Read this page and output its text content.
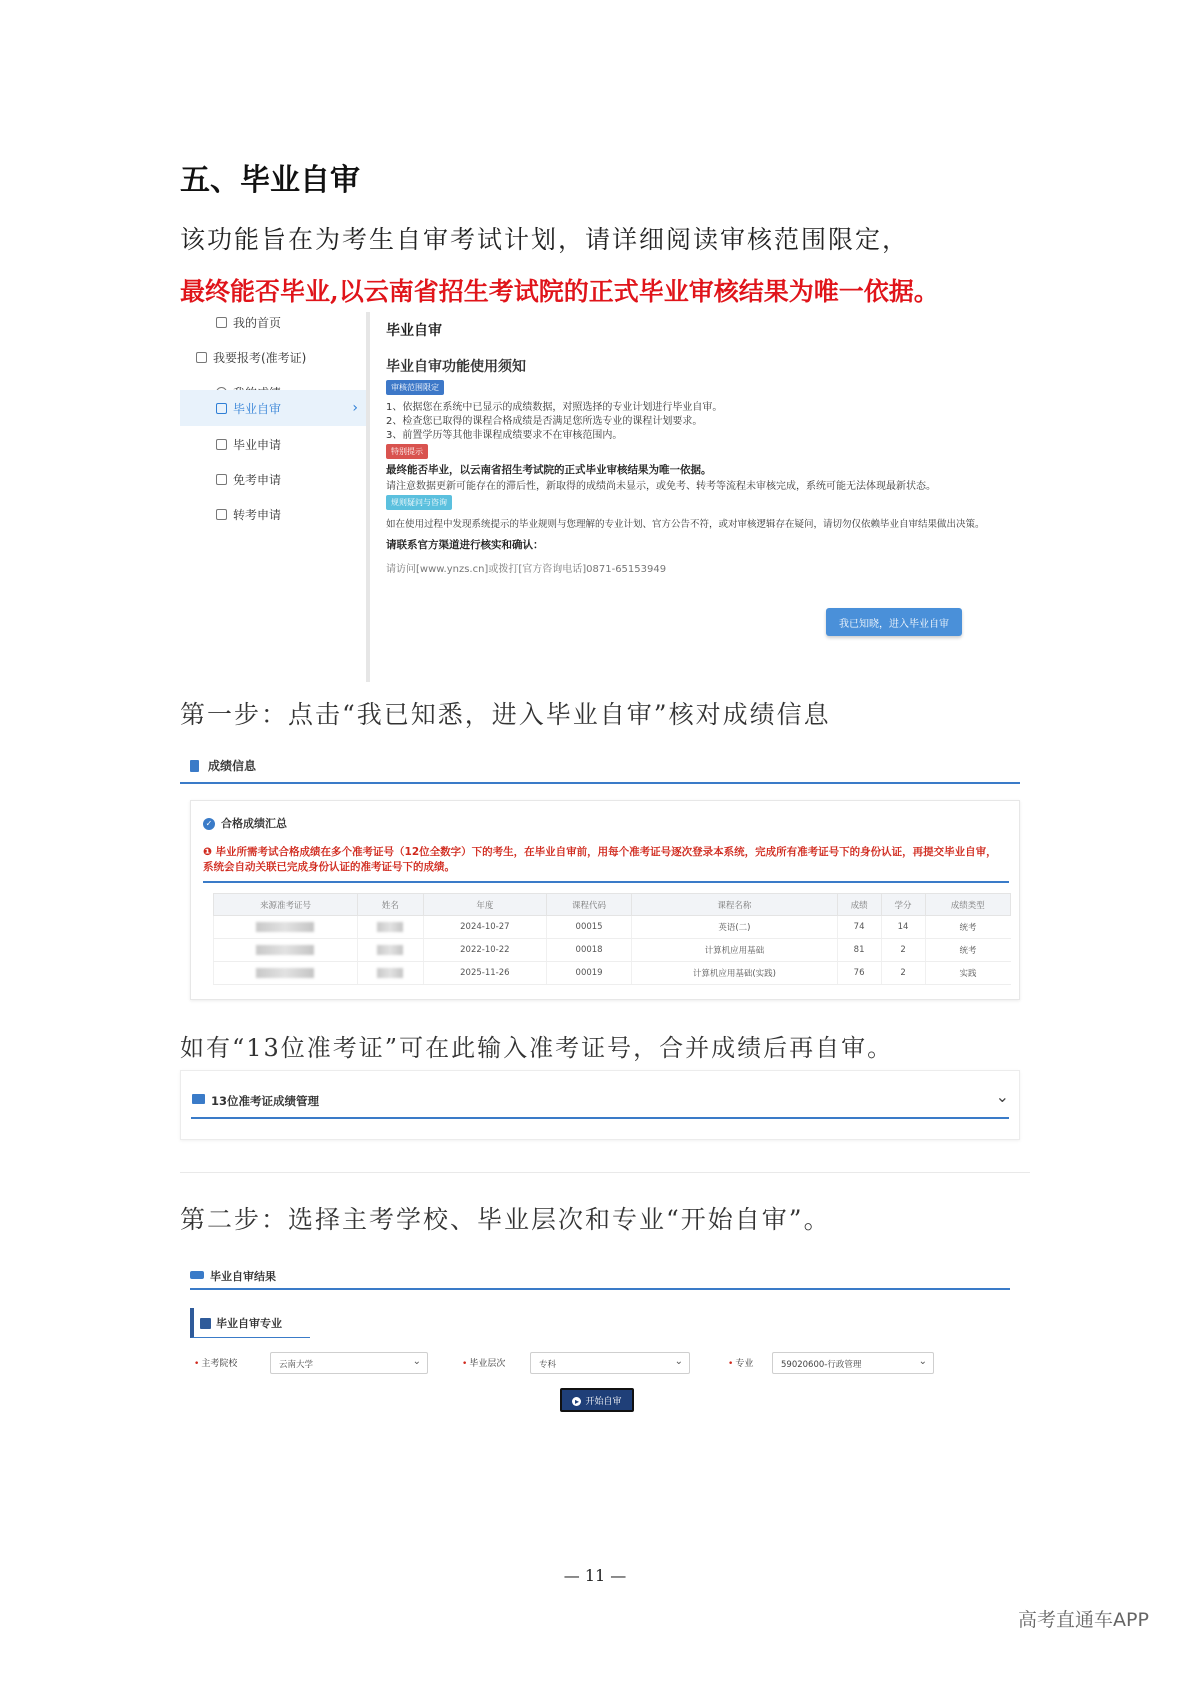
五、毕业自审
该功能旨在为考生自审考试计划，请详细阅读审核范围限定，
最终能否毕业,以云南省招生考试院的正式毕业审核结果为唯一依据。
我的首页
我要报考(准考证)
毕业自审	›
毕业申请
免考申请
转考申请
毕业自审
毕业自审功能使用须知
审核范围限定
1、依据您在系统中已显示的成绩数据，对照选择的专业计划进行毕业自审。
2、检查您已取得的课程合格成绩是否满足您所选专业的课程计划要求。
3、前置学历等其他非课程成绩要求不在审核范围内。
特别提示
最终能否毕业，以云南省招生考试院的正式毕业审核结果为唯一依据。
请注意数据更新可能存在的滞后性，新取得的成绩尚未显示，或免考、转考等流程未审核完成，系统可能无法体现最新状态。
规则疑问与咨询
如在使用过程中发现系统提示的毕业规则与您理解的专业计划、官方公告不符，或对审核逻辑存在疑问，请切勿仅依赖毕业自审结果做出决策。
请联系官方渠道进行核实和确认：
请访问[www.ynzs.cn]或拨打[官方咨询电话]0871-65153949
我已知晓，进入毕业自审
第一步：点击“我已知悉，进入毕业自审”核对成绩信息
成绩信息
✓ 合格成绩汇总
❶ 毕业所需考试合格成绩在多个准考证号（12位全数字）下的考生，在毕业自审前，用每个准考证号逐次登录本系统，完成所有准考证号下的身份认证，再提交毕业自审，系统会自动关联已完成身份认证的准考证号下的成绩。
来源准考证号	姓名	年度	课程代码	课程名称	成绩	学分	成绩类型
		2024-10-27	00015	英语(二)	74	14	统考
		2022-10-22	00018	计算机应用基础	81	2	统考
		2025-11-26	00019	计算机应用基础(实践)	76	2	实践
如有“13位准考证”可在此输入准考证号，合并成绩后再自审。
13位准考证成绩管理	⌄
第二步：选择主考学校、毕业层次和专业“开始自审”。
毕业自审结果
毕业自审专业
• 主考院校	云南大学	⌄	• 毕业层次	专科	⌄	• 专业	59020600-行政管理	⌄
▸ 开始自审
— 11 —
高考直通车APP
